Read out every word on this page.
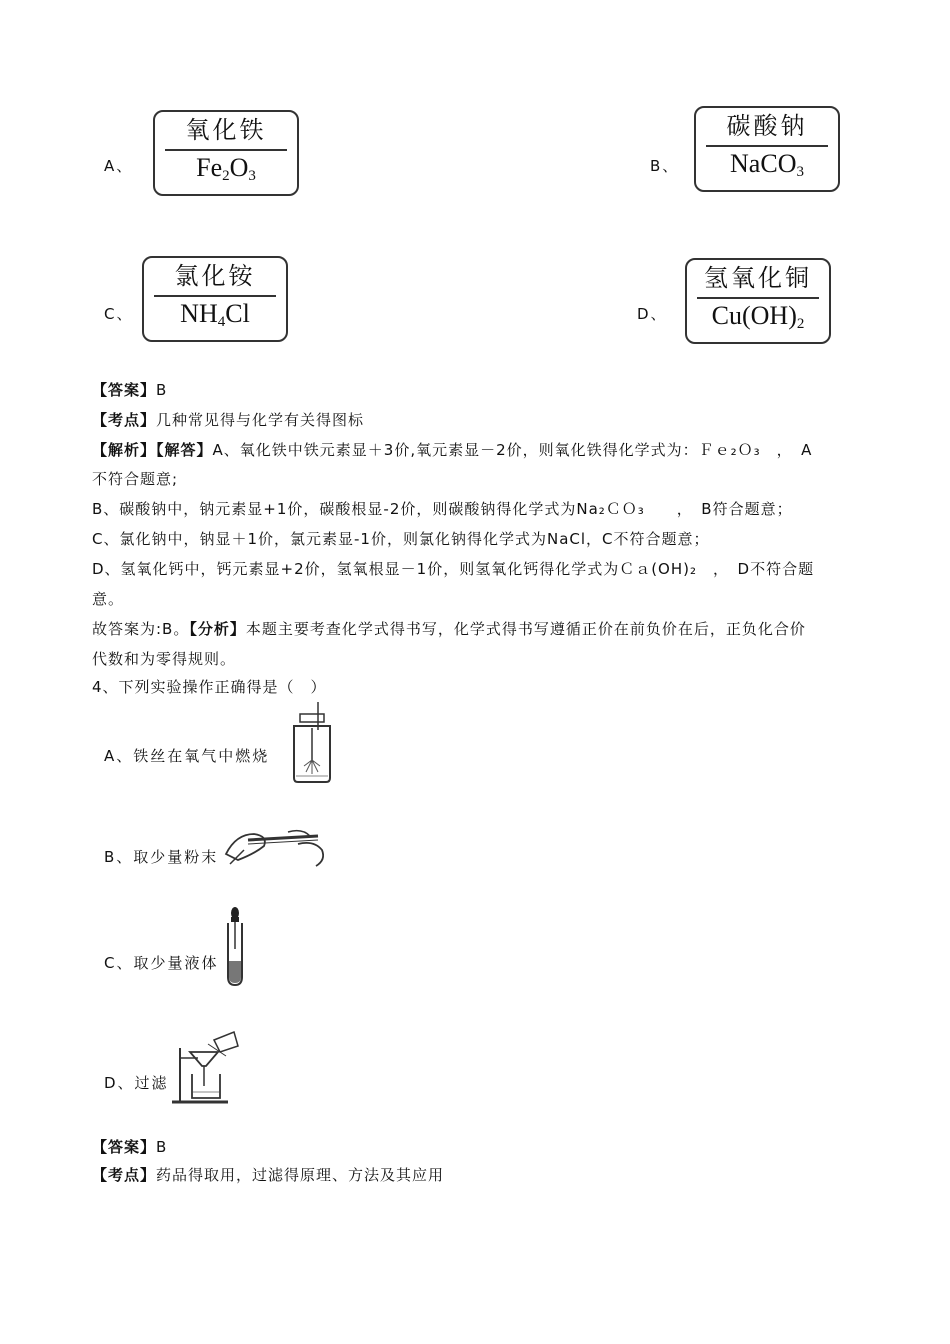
A、
氧化铁
$Fe_2O_3$
B、
碳酸钠
NaCO$_3$
C、
氯化铵
$NH_4Cl$	D、
氢氧化铜
$Cu(OH)_2$
【答案】B
【考点】几种常见得与化学有关得图标
【解析】【解答】A、氧化铁中铁元素显＋3价,氧元素显－2价，则氧化铁得化学式为：Ｆｅ₂Ｏ₃　，　A
不符合题意;
B、碳酸钠中，钠元素显+1价，碳酸根显-2价，则碳酸钠得化学式为Na₂ＣＯ₃　　，　B符合题意；
C、氯化钠中，钠显＋1价，氯元素显-1价，则氯化钠得化学式为NaCl，C不符合题意；
D、氢氧化钙中，钙元素显+2价，氢氧根显－1价，则氢氧化钙得化学式为Ｃａ(OH)₂　，　D不符合题
意。
故答案为:B。【分析】本题主要考查化学式得书写，化学式得书写遵循正价在前负价在后，正负化合价
代数和为零得规则。
4、下列实验操作正确得是（　）
A、铁丝在氧气中燃烧
B、取少量粉末
C、取少量液体
D、过滤
【答案】B
【考点】药品得取用，过滤得原理、方法及其应用
